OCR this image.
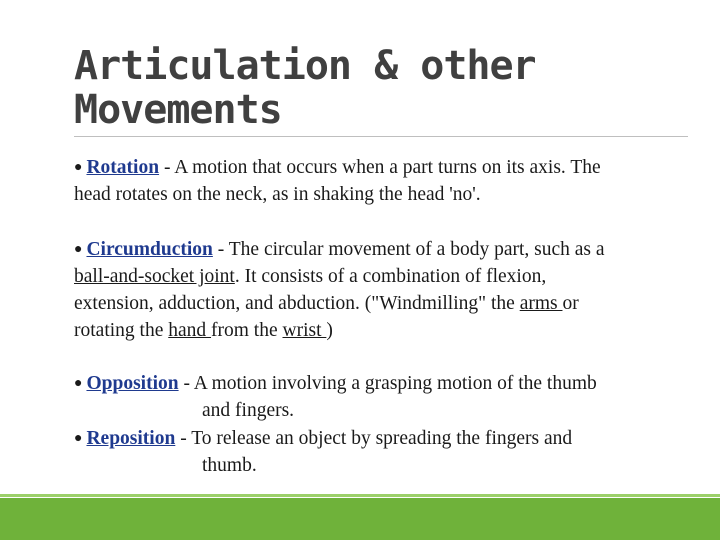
Articulation & other
Movements
● Rotation - A motion that occurs when a part turns on its axis. The
head rotates on the neck, as in shaking the head 'no'.
● Circumduction - The circular movement of a body part, such as a
ball-and-socket joint. It consists of a combination of flexion,
extension, adduction, and abduction. ("Windmilling" the arms or
rotating the hand from the wrist )
● Opposition - A motion involving a grasping motion of the thumb
and fingers.
● Reposition - To release an object by spreading the fingers and
thumb.
